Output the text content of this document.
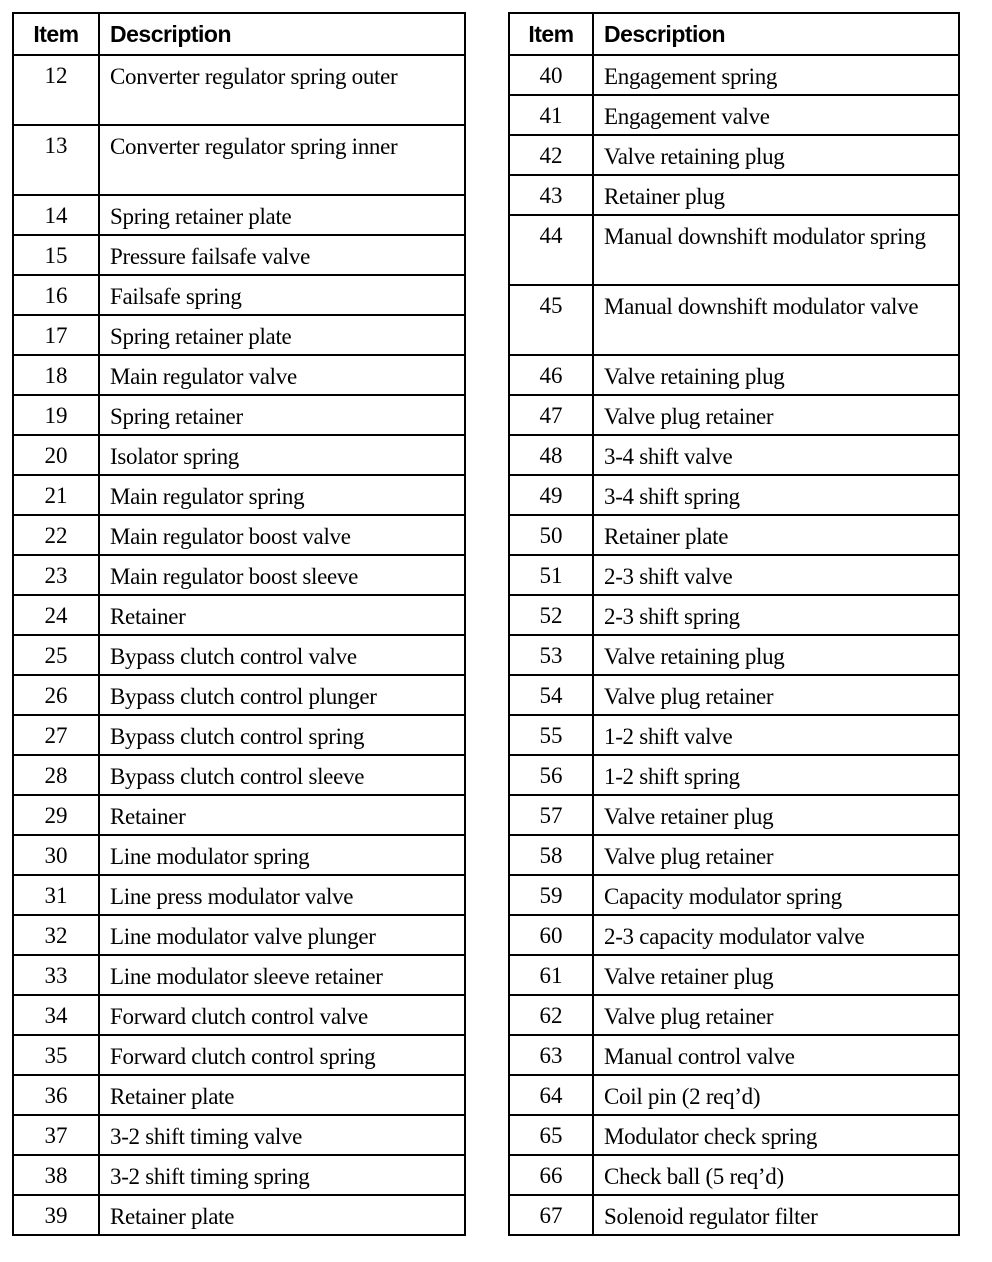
Item	Description
12	Converter regulator spring outer
13	Converter regulator spring inner
14	Spring retainer plate
15	Pressure failsafe valve
16	Failsafe spring
17	Spring retainer plate
18	Main regulator valve
19	Spring retainer
20	Isolator spring
21	Main regulator spring
22	Main regulator boost valve
23	Main regulator boost sleeve
24	Retainer
25	Bypass clutch control valve
26	Bypass clutch control plunger
27	Bypass clutch control spring
28	Bypass clutch control sleeve
29	Retainer
30	Line modulator spring
31	Line press modulator valve
32	Line modulator valve plunger
33	Line modulator sleeve retainer
34	Forward clutch control valve
35	Forward clutch control spring
36	Retainer plate
37	3-2 shift timing valve
38	3-2 shift timing spring
39	Retainer plate
Item	Description
40	Engagement spring
41	Engagement valve
42	Valve retaining plug
43	Retainer plug
44	Manual downshift modulator spring
45	Manual downshift modulator valve
46	Valve retaining plug
47	Valve plug retainer
48	3-4 shift valve
49	3-4 shift spring
50	Retainer plate
51	2-3 shift valve
52	2-3 shift spring
53	Valve retaining plug
54	Valve plug retainer
55	1-2 shift valve
56	1-2 shift spring
57	Valve retainer plug
58	Valve plug retainer
59	Capacity modulator spring
60	2-3 capacity modulator valve
61	Valve retainer plug
62	Valve plug retainer
63	Manual control valve
64	Coil pin (2 req’d)
65	Modulator check spring
66	Check ball (5 req’d)
67	Solenoid regulator filter
